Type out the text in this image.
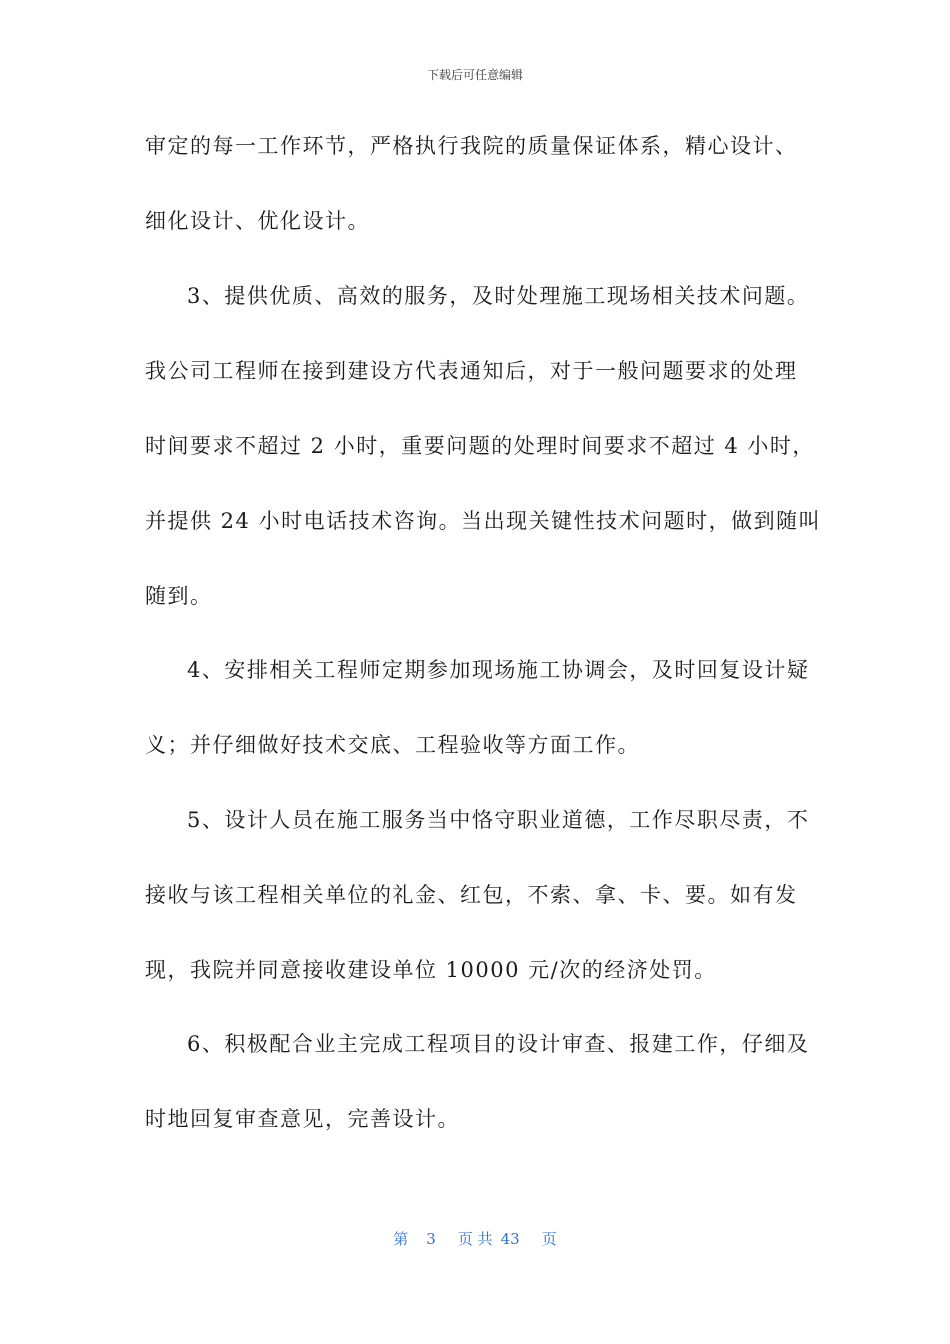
下载后可任意编辑
审定的每一工作环节，严格执行我院的质量保证体系，精心设计、
细化设计、优化设计。
3、提供优质、高效的服务，及时处理施工现场相关技术问题。
我公司工程师在接到建设方代表通知后，对于一般问题要求的处理
时间要求不超过 2 小时，重要问题的处理时间要求不超过 4 小时，
并提供 24 小时电话技术咨询。当出现关键性技术问题时，做到随叫
随到。
4、安排相关工程师定期参加现场施工协调会，及时回复设计疑
义；并仔细做好技术交底、工程验收等方面工作。
5、设计人员在施工服务当中恪守职业道德，工作尽职尽责，不
接收与该工程相关单位的礼金、红包，不索、拿、卡、要。如有发
现，我院并同意接收建设单位 10000 元/次的经济处罚。
6、积极配合业主完成工程项目的设计审查、报建工作，仔细及
时地回复审查意见，完善设计。
第 3 页 共 43 页
